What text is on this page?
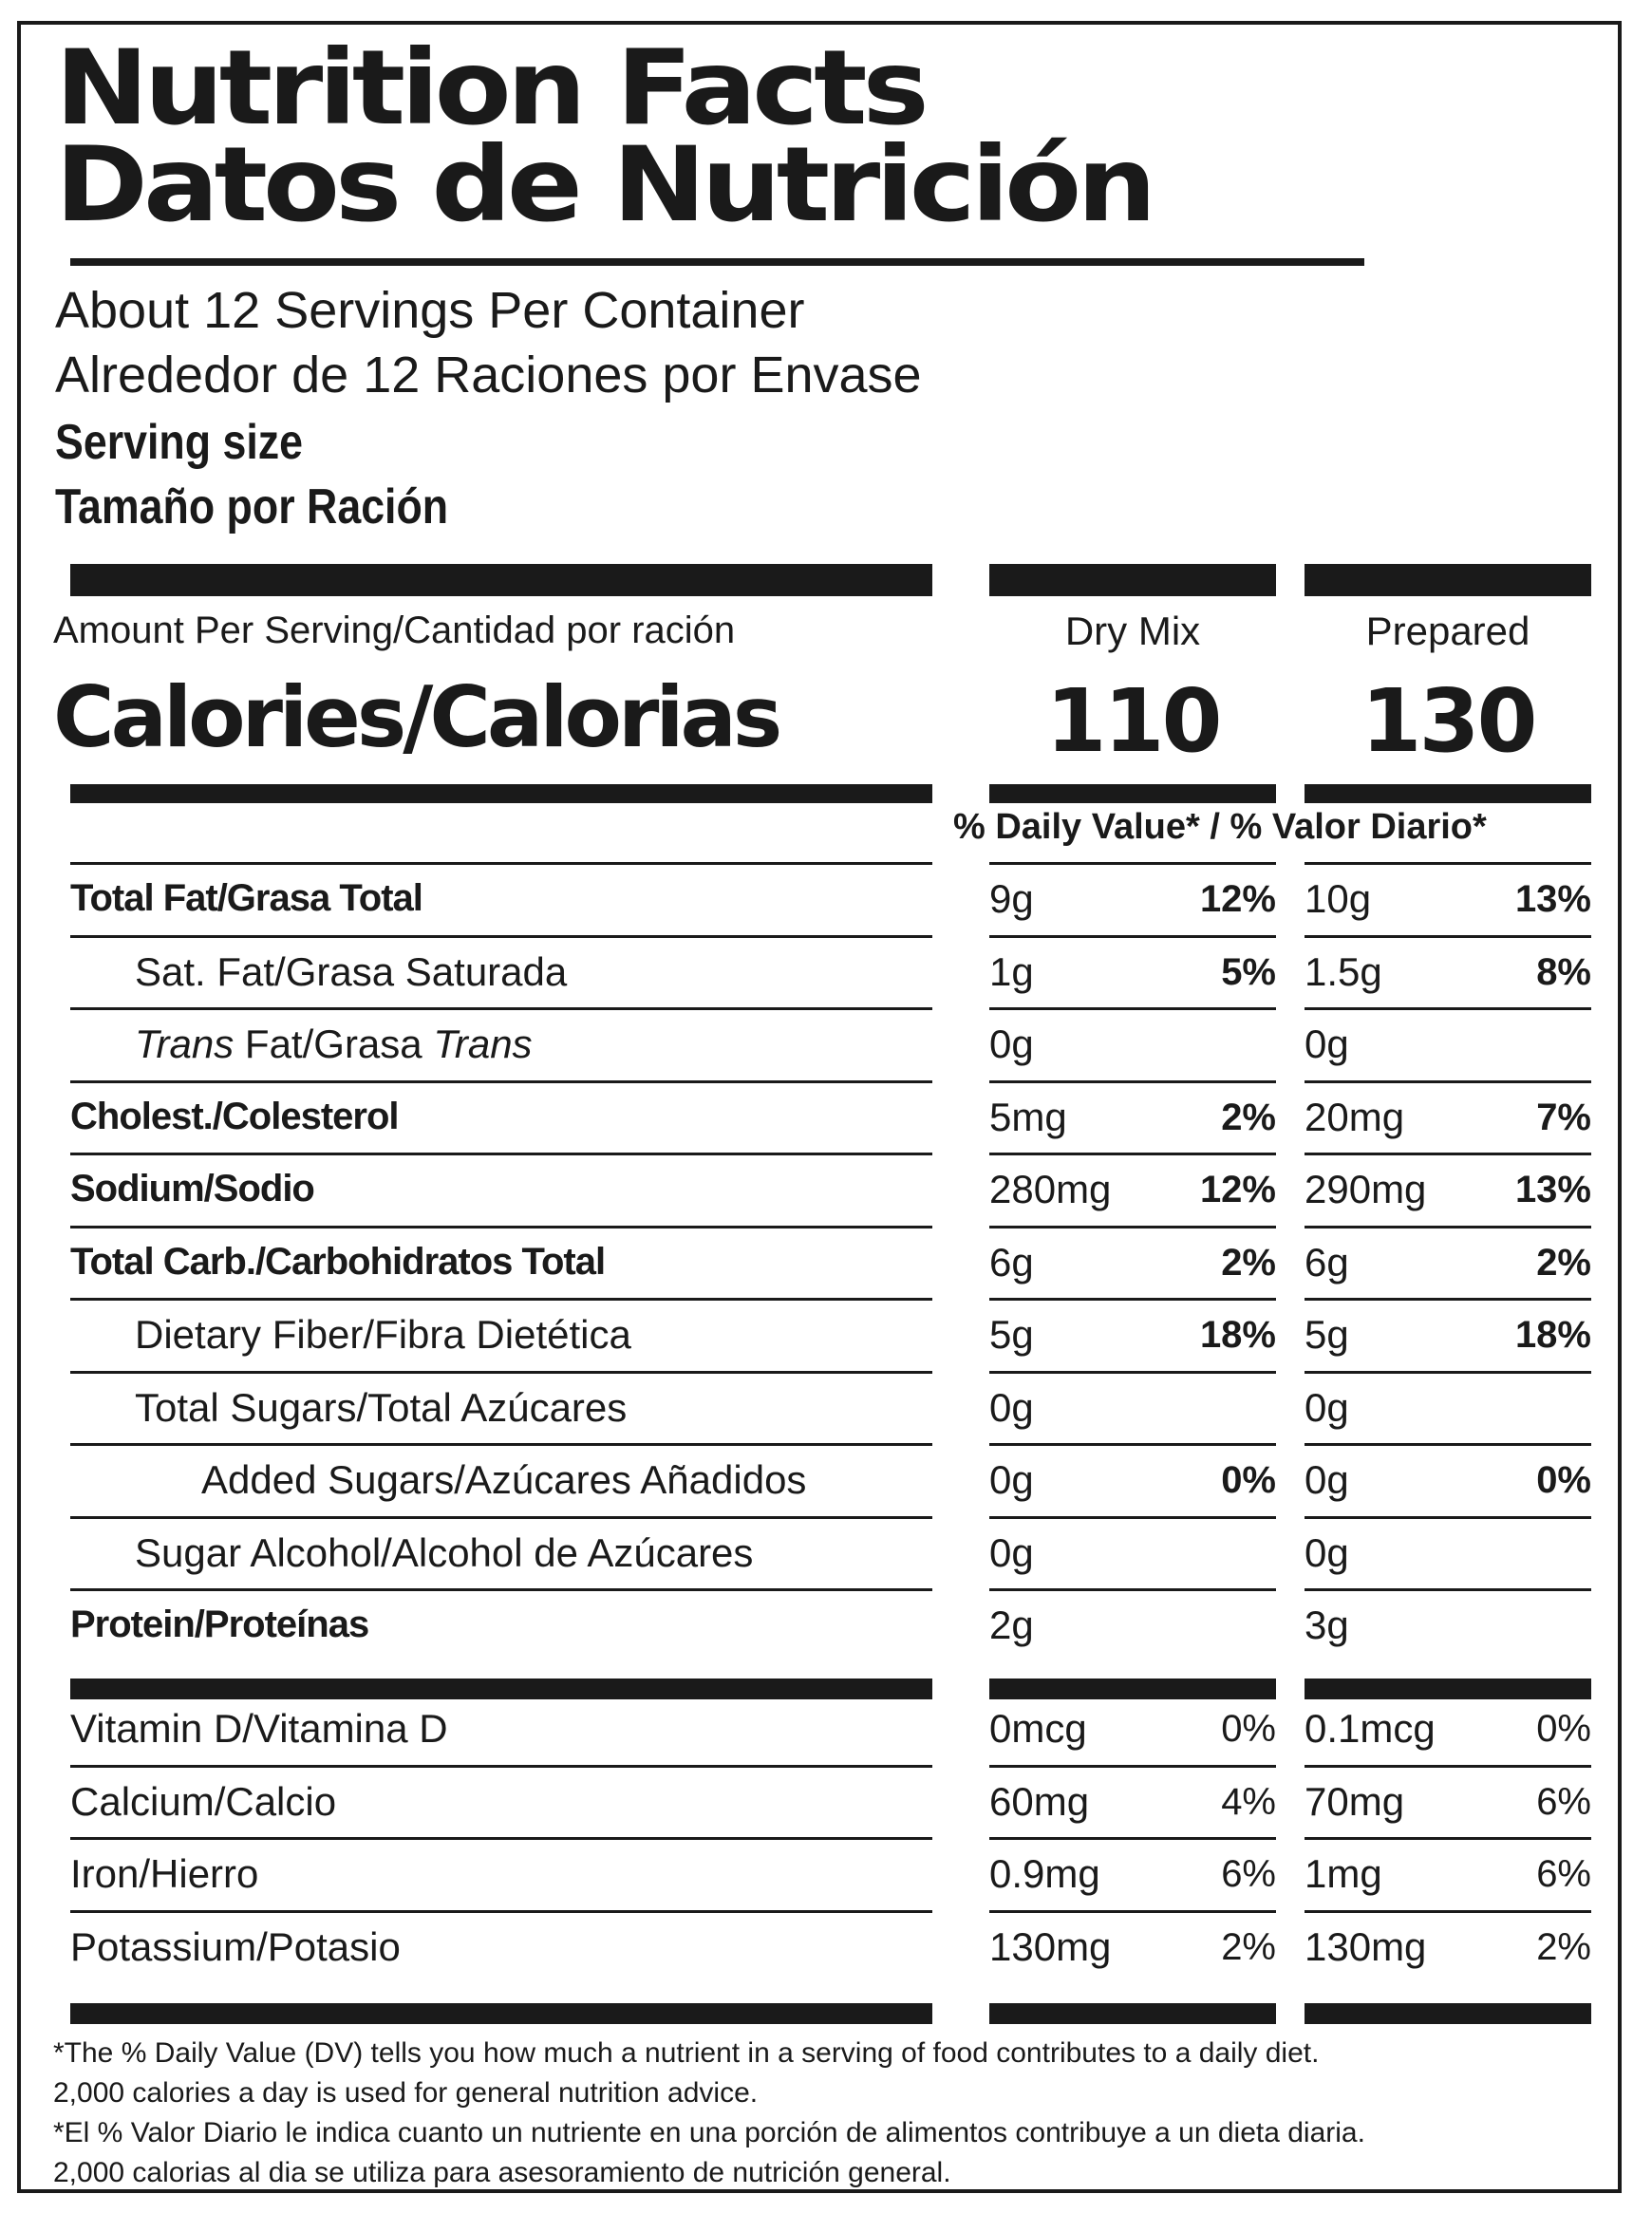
Nutrition Facts
Datos de Nutrición
About 12 Servings Per Container
Alrededor de 12 Raciones por Envase
Serving size
Tamaño por Ración
Amount Per Serving/Cantidad por ración	Dry Mix	Prepared
Calories/Calorias	110	130
% Daily Value* / % Valor Diario*
Total Fat/Grasa Total	9g	12% 10g	13%
Sat. Fat/Grasa Saturada	1g	5% 1.5g	8%
Trans Fat/Grasa Trans	0g	0g
Cholest./Colesterol	5mg	2% 20mg	7%
Sodium/Sodio	280mg	12% 290mg	13%
Total Carb./Carbohidratos Total	6g	2% 6g	2%
Dietary Fiber/Fibra Dietética	5g	18% 5g	18%
Total Sugars/Total Azúcares	0g	0g
Added Sugars/Azúcares Añadidos	0g	0% 0g	0%
Sugar Alcohol/Alcohol de Azúcares	0g	0g
Protein/Proteínas	2g	3g
Vitamin D/Vitamina D	0mcg	0% 0.1mcg	0%
Calcium/Calcio	60mg	4% 70mg	6%
Iron/Hierro	0.9mg	6% 1mg	6%
Potassium/Potasio	130mg	2% 130mg	2%
*The % Daily Value (DV) tells you how much a nutrient in a serving of food contributes to a daily diet.
2,000 calories a day is used for general nutrition advice.
*El % Valor Diario le indica cuanto un nutriente en una porción de alimentos contribuye a un dieta diaria.
2,000 calorias al dia se utiliza para asesoramiento de nutrición general.
